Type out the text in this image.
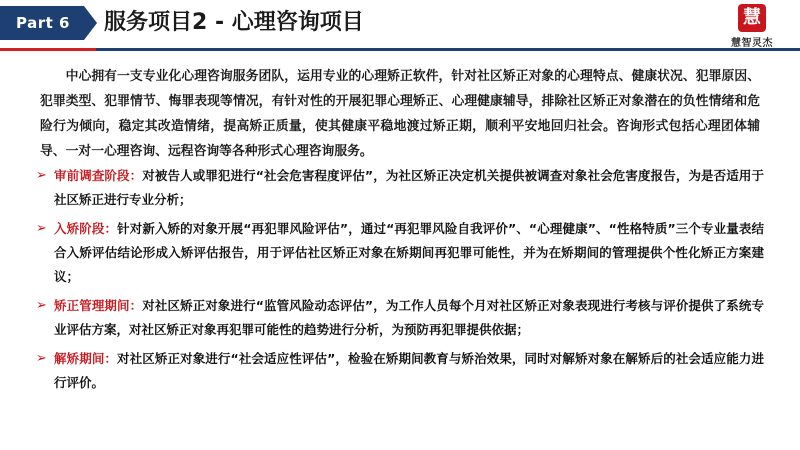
Part 6	服务项目2 - 心理咨询项目	慧
慧智灵杰
中心拥有一支专业化心理咨询服务团队，运用专业的心理矫正软件，针对社区矫正对象的心理特点、健康状况、犯罪原因、犯罪类型、犯罪情节、悔罪表现等情况，有针对性的开展犯罪心理矫正、心理健康辅导，排除社区矫正对象潜在的负性情绪和危险行为倾向，稳定其改造情绪，提高矫正质量，使其健康平稳地渡过矫正期，顺利平安地回归社会。咨询形式包括心理团体辅导、一对一心理咨询、远程咨询等各种形式心理咨询服务。
➢ 审前调查阶段：对被告人或罪犯进行“社会危害程度评估”，为社区矫正决定机关提供被调查对象社会危害度报告，为是否适用于社区矫正进行专业分析；
➢ 入矫阶段：针对新入矫的对象开展“再犯罪风险评估”，通过“再犯罪风险自我评价”、“心理健康”、“性格特质”三个专业量表结合入矫评估结论形成入矫评估报告，用于评估社区矫正对象在矫期间再犯罪可能性，并为在矫期间的管理提供个性化矫正方案建议；
➢ 矫正管理期间：对社区矫正对象进行“监管风险动态评估”，为工作人员每个月对社区矫正对象表现进行考核与评价提供了系统专业评估方案，对社区矫正对象再犯罪可能性的趋势进行分析，为预防再犯罪提供依据；
➢ 解矫期间：对社区矫正对象进行“社会适应性评估”，检验在矫期间教育与矫治效果，同时对解矫对象在解矫后的社会适应能力进行评价。
